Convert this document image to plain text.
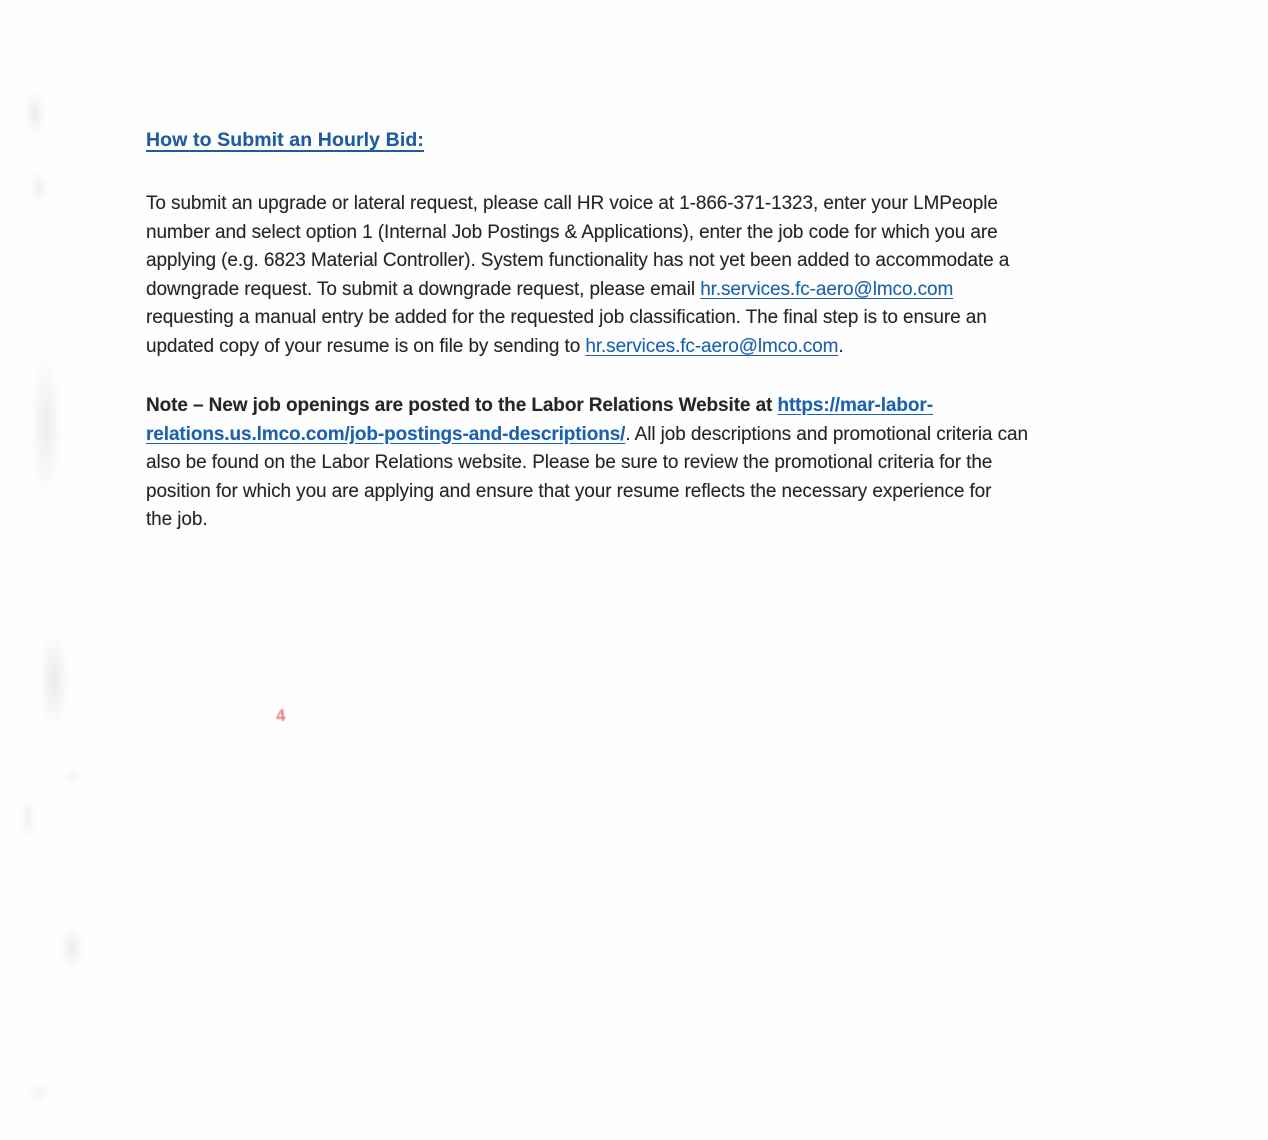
How to Submit an Hourly Bid:
To submit an upgrade or lateral request, please call HR voice at 1-866-371-1323, enter your LMPeople
number and select option 1 (Internal Job Postings & Applications), enter the job code for which you are
applying (e.g. 6823 Material Controller). System functionality has not yet been added to accommodate a
downgrade request. To submit a downgrade request, please email hr.services.fc-aero@lmco.com
requesting a manual entry be added for the requested job classification. The final step is to ensure an
updated copy of your resume is on file by sending to hr.services.fc-aero@lmco.com.
Note – New job openings are posted to the Labor Relations Website at https://mar-labor-
relations.us.lmco.com/job-postings-and-descriptions/. All job descriptions and promotional criteria can
also be found on the Labor Relations website. Please be sure to review the promotional criteria for the
position for which you are applying and ensure that your resume reflects the necessary experience for
the job.
4
